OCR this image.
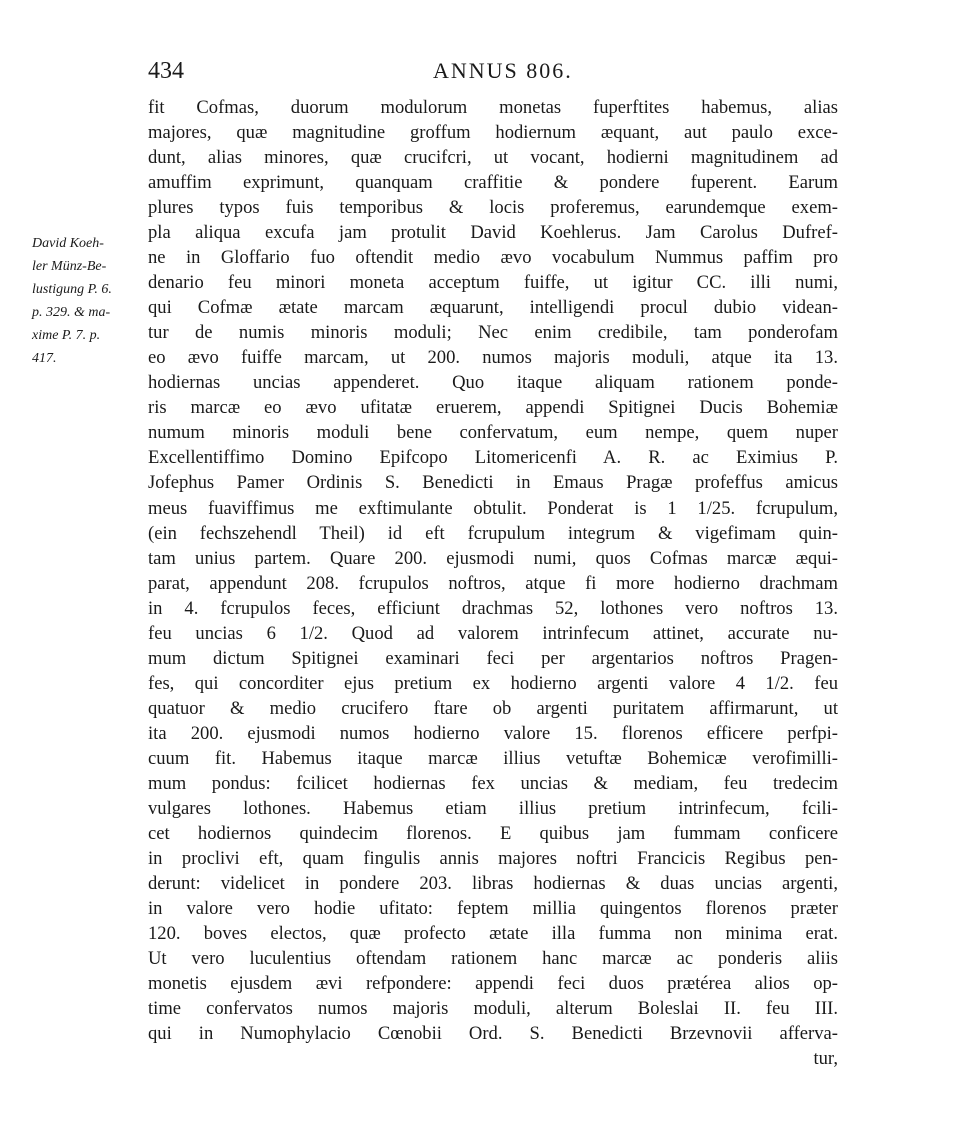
434	ANNUS 806.
David Koeh-
ler Münz-Be-
lustigung P. 6.
p. 329. & ma-
xime P. 7. p.
417.
fit Cofmas, duorum modulorum monetas fuperftites habemus, alias
majores, quæ magnitudine groffum hodiernum æquant, aut paulo exce-
dunt, alias minores, quæ crucifcri, ut vocant, hodierni magnitudinem ad
amuffim exprimunt, quanquam craffitie & pondere fuperent. Earum
plures typos fuis temporibus & locis proferemus, earundemque exem-
pla aliqua excufa jam protulit David Koehlerus. Jam Carolus Dufref-
ne in Gloffario fuo oftendit medio ævo vocabulum Nummus paffim pro
denario feu minori moneta acceptum fuiffe, ut igitur CC. illi numi,
qui Cofmæ ætate marcam æquarunt, intelligendi procul dubio videan-
tur de numis minoris moduli; Nec enim credibile, tam ponderofam
eo ævo fuiffe marcam, ut 200. numos majoris moduli, atque ita 13.
hodiernas uncias appenderet. Quo itaque aliquam rationem ponde-
ris marcæ eo ævo ufitatæ eruerem, appendi Spitignei Ducis Bohemiæ
numum minoris moduli bene confervatum, eum nempe, quem nuper
Excellentiffimo Domino Epifcopo Litomericenfi A. R. ac Eximius P.
Jofephus Pamer Ordinis S. Benedicti in Emaus Pragæ profeffus amicus
meus fuaviffimus me exftimulante obtulit. Ponderat is 1 1/25. fcrupulum,
(ein fechszehendl Theil) id eft fcrupulum integrum & vigefimam quin-
tam unius partem. Quare 200. ejusmodi numi, quos Cofmas marcæ æqui-
parat, appendunt 208. fcrupulos noftros, atque fi more hodierno drachmam
in 4. fcrupulos feces, efficiunt drachmas 52, lothones vero noftros 13.
feu uncias 6 1/2. Quod ad valorem intrinfecum attinet, accurate nu-
mum dictum Spitignei examinari feci per argentarios noftros Pragen-
fes, qui concorditer ejus pretium ex hodierno argenti valore 4 1/2. feu
quatuor & medio crucifero ftare ob argenti puritatem affirmarunt, ut
ita 200. ejusmodi numos hodierno valore 15. florenos efficere perfpi-
cuum fit. Habemus itaque marcæ illius vetuftæ Bohemicæ verofimilli-
mum pondus: fcilicet hodiernas fex uncias & mediam, feu tredecim
vulgares lothones. Habemus etiam illius pretium intrinfecum, fcili-
cet hodiernos quindecim florenos. E quibus jam fummam conficere
in proclivi eft, quam fingulis annis majores noftri Francicis Regibus pen-
derunt: videlicet in pondere 203. libras hodiernas & duas uncias argenti,
in valore vero hodie ufitato: feptem millia quingentos florenos præter
120. boves electos, quæ profecto ætate illa fumma non minima erat.
Ut vero luculentius oftendam rationem hanc marcæ ac ponderis aliis
monetis ejusdem ævi refpondere: appendi feci duos prætérea alios op-
time confervatos numos majoris moduli, alterum Boleslai II. feu III.
qui in Numophylacio Cœnobii Ord. S. Benedicti Brzevnovii afferva-
tur,
